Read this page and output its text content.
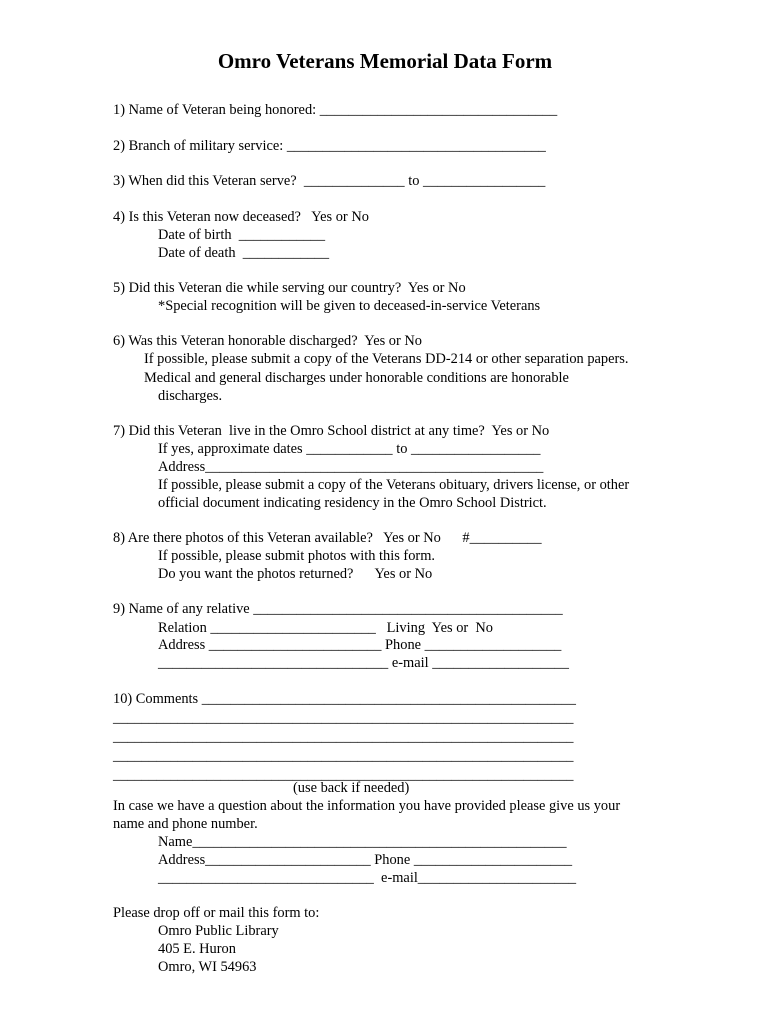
Omro Veterans Memorial Data Form
1) Name of Veteran being honored: _________________________________
2) Branch of military service: ____________________________________
3) When did this Veteran serve?  ______________ to _________________
4) Is this Veteran now deceased?   Yes or No
Date of birth  ____________
Date of death  ____________
5) Did this Veteran die while serving our country?  Yes or No
*Special recognition will be given to deceased-in-service Veterans
6) Was this Veteran honorable discharged?  Yes or No
If possible, please submit a copy of the Veterans DD-214 or other separation papers.
Medical and general discharges under honorable conditions are honorable
discharges.
7) Did this Veteran  live in the Omro School district at any time?  Yes or No
If yes, approximate dates ____________ to __________________
Address_______________________________________________
If possible, please submit a copy of the Veterans obituary, drivers license, or other
official document indicating residency in the Omro School District.
8) Are there photos of this Veteran available?   Yes or No      #__________
If possible, please submit photos with this form.
Do you want the photos returned?      Yes or No
9) Name of any relative ___________________________________________
Relation _______________________   Living  Yes or  No
Address ________________________ Phone ___________________
________________________________ e-mail ___________________
10) Comments ____________________________________________________
________________________________________________________________
________________________________________________________________
________________________________________________________________
________________________________________________________________
(use back if needed)
In case we have a question about the information you have provided please give us your
name and phone number.
Name____________________________________________________
Address_______________________ Phone ______________________
______________________________  e-mail______________________
Please drop off or mail this form to:
Omro Public Library
405 E. Huron
Omro, WI 54963
